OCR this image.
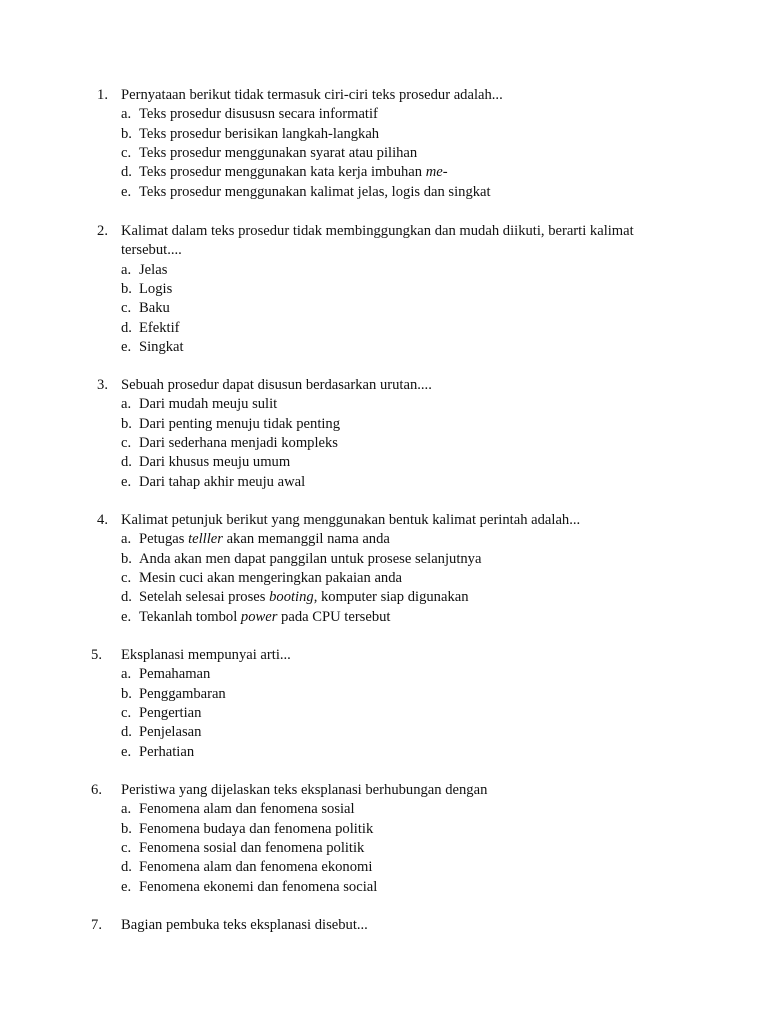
1. Pernyataan berikut tidak termasuk ciri-ciri teks prosedur adalah...
a. Teks prosedur disususn secara informatif
b. Teks prosedur berisikan langkah-langkah
c. Teks prosedur menggunakan syarat atau pilihan
d. Teks prosedur menggunakan kata kerja imbuhan me-
e. Teks prosedur menggunakan kalimat jelas, logis dan singkat
2. Kalimat dalam teks prosedur tidak membinggungkan dan mudah diikuti, berarti kalimat
tersebut....
a. Jelas
b. Logis
c. Baku
d. Efektif
e. Singkat
3. Sebuah prosedur dapat disusun berdasarkan urutan....
a. Dari mudah meuju sulit
b. Dari penting menuju tidak penting
c. Dari sederhana menjadi kompleks
d. Dari khusus meuju umum
e. Dari tahap akhir meuju awal
4. Kalimat petunjuk berikut yang menggunakan bentuk kalimat perintah adalah...
a. Petugas telller akan memanggil nama anda
b. Anda akan men dapat panggilan untuk prosese selanjutnya
c. Mesin cuci akan mengeringkan pakaian anda
d. Setelah selesai proses booting, komputer siap digunakan
e. Tekanlah tombol power pada CPU tersebut
5. Eksplanasi mempunyai arti...
a. Pemahaman
b. Penggambaran
c. Pengertian
d. Penjelasan
e. Perhatian
6. Peristiwa yang dijelaskan teks eksplanasi berhubungan dengan
a. Fenomena alam dan fenomena sosial
b. Fenomena budaya dan fenomena politik
c. Fenomena sosial dan fenomena politik
d. Fenomena alam dan fenomena ekonomi
e. Fenomena ekonemi dan fenomena social
7. Bagian pembuka teks eksplanasi disebut...
